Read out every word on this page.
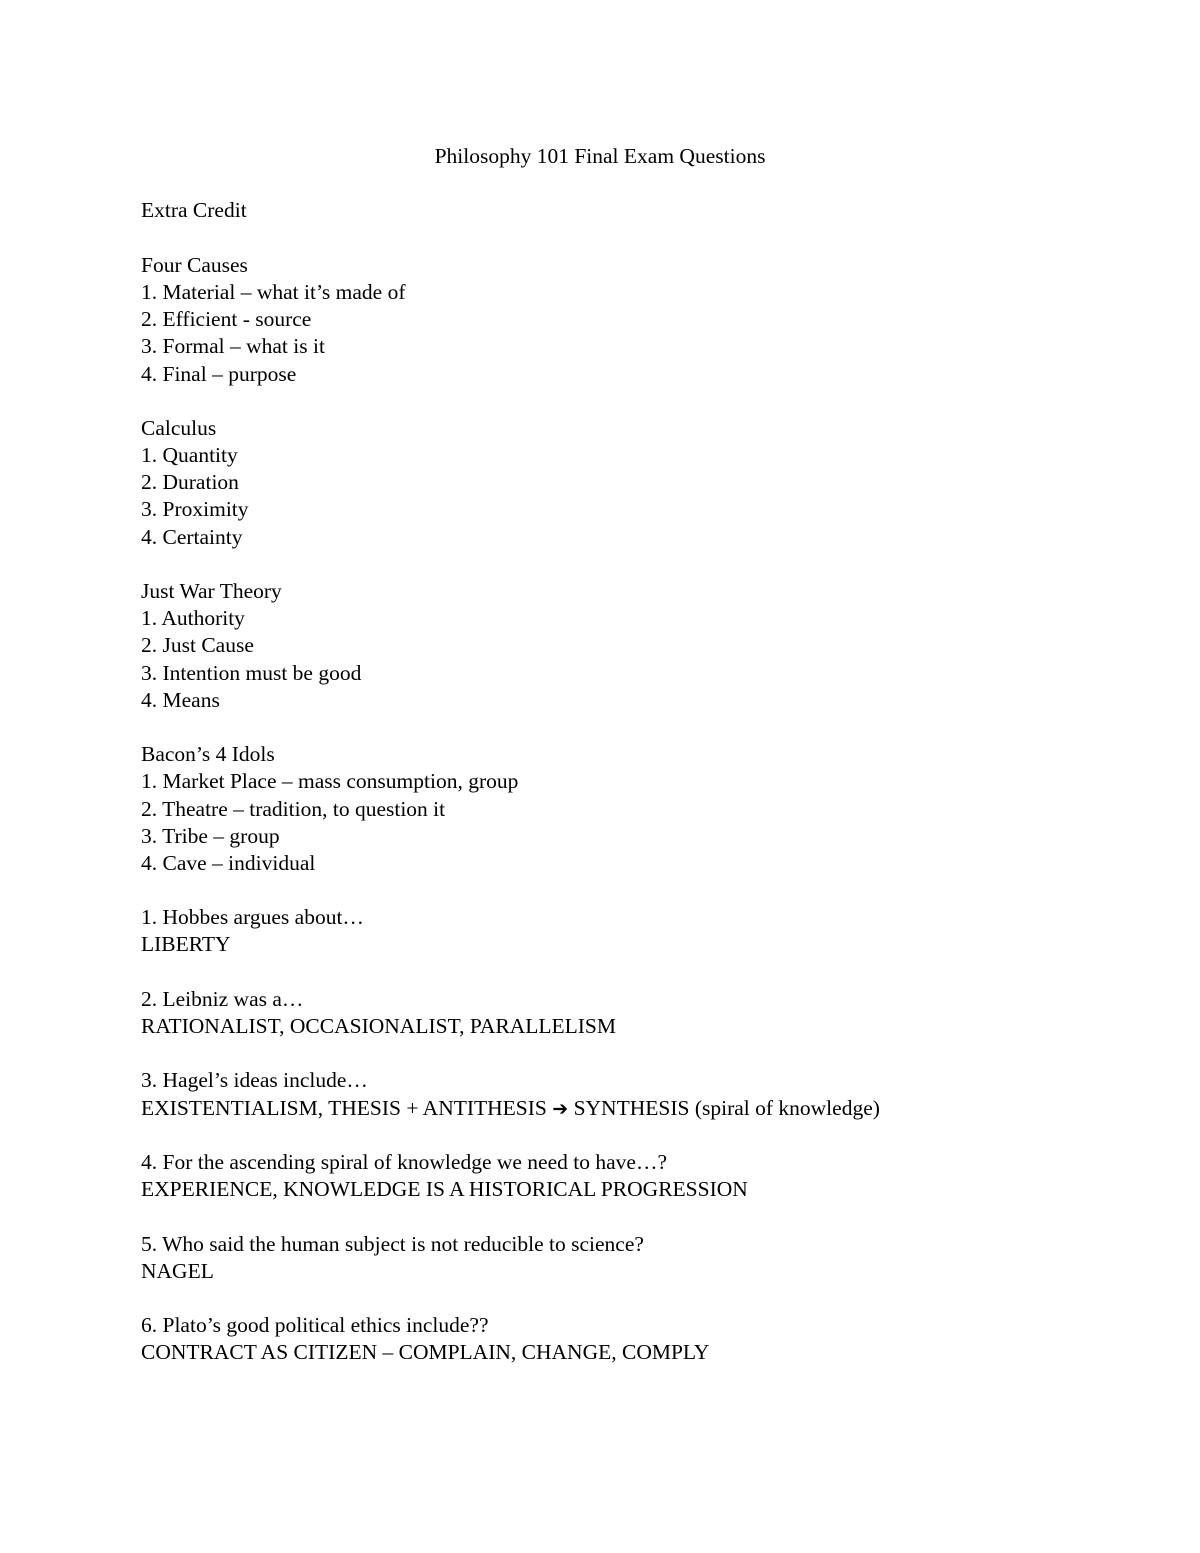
Philosophy 101 Final Exam Questions
Extra Credit
Four Causes
1. Material – what it’s made of
2. Efficient - source
3. Formal – what is it
4. Final – purpose
Calculus
1. Quantity
2. Duration
3. Proximity
4. Certainty
Just War Theory
1. Authority
2. Just Cause
3. Intention must be good
4. Means
Bacon’s 4 Idols
1. Market Place – mass consumption, group
2. Theatre – tradition, to question it
3. Tribe – group
4. Cave – individual
1. Hobbes argues about…
LIBERTY
2. Leibniz was a…
RATIONALIST, OCCASIONALIST, PARALLELISM
3. Hagel’s ideas include…
EXISTENTIALISM, THESIS + ANTITHESIS ➔ SYNTHESIS (spiral of knowledge)
4. For the ascending spiral of knowledge we need to have…?
EXPERIENCE, KNOWLEDGE IS A HISTORICAL PROGRESSION
5. Who said the human subject is not reducible to science?
NAGEL
6. Plato’s good political ethics include??
CONTRACT AS CITIZEN – COMPLAIN, CHANGE, COMPLY
